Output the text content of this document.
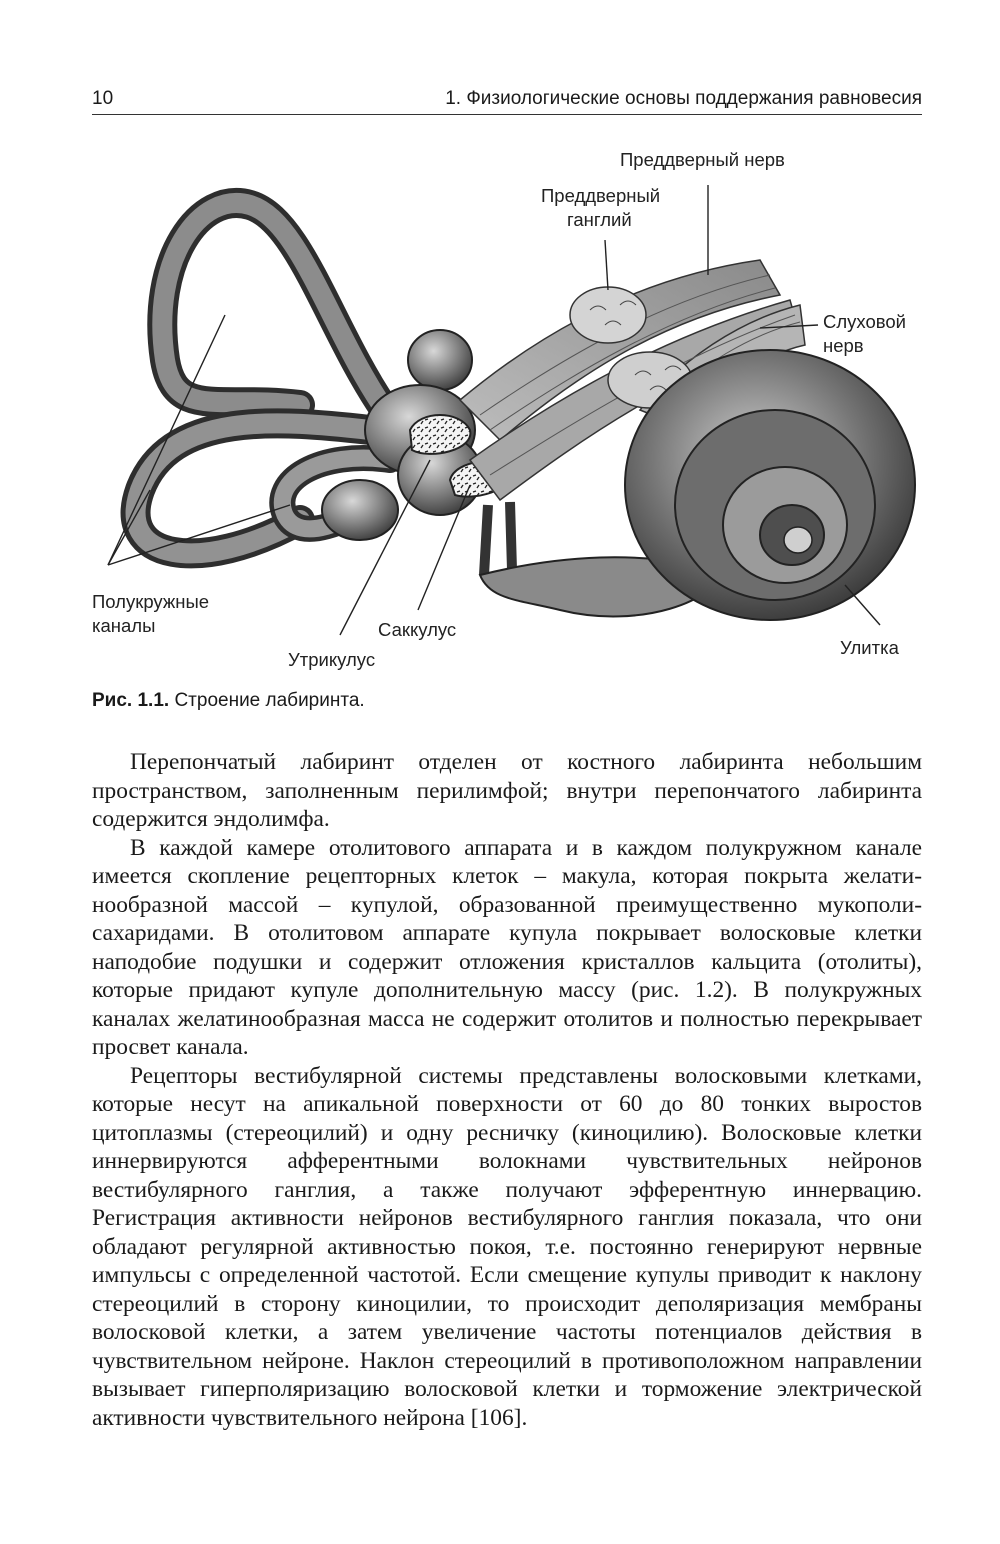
10	1. Физиологические основы поддержания равновесия
Преддверный нерв
Преддверный
ганглий
Слуховой
нерв
Полукружные
каналы	Саккулус
Утрикулус
Улитка
Рис. 1.1. Строение лабиринта.

Перепончатый лабиринт отделен от костного лабиринта небольшим пространством, заполненным перилимфой; внутри перепончатого лабиринта содержится эндолимфа.

В каждой камере отолитового аппарата и в каждом полукружном канале имеется скопление рецепторных клеток – макула, которая покрыта желатинообразной массой – купулой, образованной преимущественно мукополисахаридами. В отолитовом аппарате купула покрывает волосковые клетки наподобие подушки и содержит отложения кристаллов кальцита (отолиты), которые придают купуле дополнительную массу (рис. 1.2). В полукружных каналах желатинообразная масса не содержит отолитов и полностью перекрывает просвет канала.

Рецепторы вестибулярной системы представлены волосковыми клетками, которые несут на апикальной поверхности от 60 до 80 тонких выростов цитоплазмы (стереоцилий) и одну ресничку (киноцилию). Волосковые клетки иннервируются афферентными волокнами чувствительных нейронов вестибулярного ганглия, а также получают эфферентную иннервацию. Регистрация активности нейронов вестибулярного ганглия показала, что они обладают регулярной активностью покоя, т.е. постоянно генерируют нервные импульсы с определенной частотой. Если смещение купулы приводит к наклону стереоцилий в сторону киноцилии, то происходит деполяризация мембраны волосковой клетки, а затем увеличение частоты потенциалов действия в чувствительном нейроне. Наклон стереоцилий в противоположном направлении вызывает гиперполяризацию волосковой клетки и торможение электрической активности чувствительного нейрона [106].
